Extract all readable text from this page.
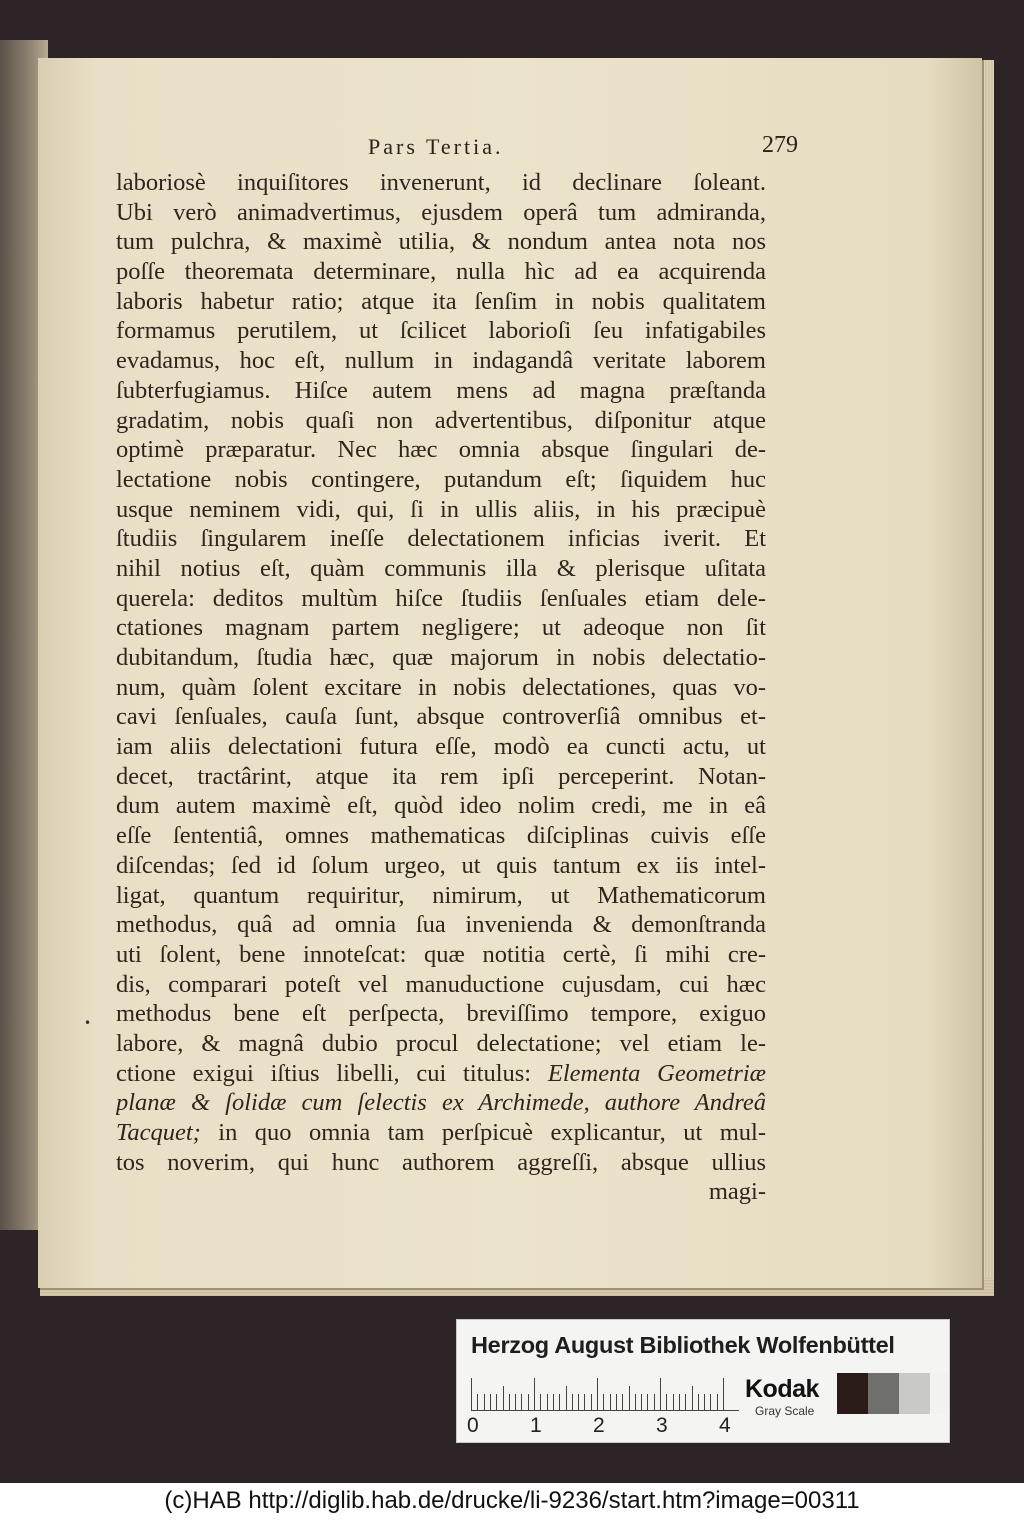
Pars Tertia.	279
laboriosè inquiſitores invenerunt, id declinare ſoleant.
Ubi verò animadvertimus, ejusdem operâ tum admiranda,
tum pulchra, & maximè utilia, & nondum antea nota nos
poſſe theoremata determinare, nulla hìc ad ea acquirenda
laboris habetur ratio; atque ita ſenſim in nobis qualitatem
formamus perutilem, ut ſcilicet laborioſi ſeu infatigabiles
evadamus, hoc eſt, nullum in indagandâ veritate laborem
ſubterfugiamus. Hiſce autem mens ad magna præſtanda
gradatim, nobis quaſi non advertentibus, diſponitur atque
optimè præparatur. Nec hæc omnia absque ſingulari de-
lectatione nobis contingere, putandum eſt; ſiquidem huc
usque neminem vidi, qui, ſi in ullis aliis, in his præcipuè
ſtudiis ſingularem ineſſe delectationem inficias iverit. Et
nihil notius eſt, quàm communis illa & plerisque uſitata
querela: deditos multùm hiſce ſtudiis ſenſuales etiam dele-
ctationes magnam partem negligere; ut adeoque non ſit
dubitandum, ſtudia hæc, quæ majorum in nobis delectatio-
num, quàm ſolent excitare in nobis delectationes, quas vo-
cavi ſenſuales, cauſa ſunt, absque controverſiâ omnibus et-
iam aliis delectationi futura eſſe, modò ea cuncti actu, ut
decet, tractârint, atque ita rem ipſi perceperint. Notan-
dum autem maximè eſt, quòd ideo nolim credi, me in eâ
eſſe ſententiâ, omnes mathematicas diſciplinas cuivis eſſe
diſcendas; ſed id ſolum urgeo, ut quis tantum ex iis intel-
ligat, quantum requiritur, nimirum, ut Mathematicorum
methodus, quâ ad omnia ſua invenienda & demonſtranda
uti ſolent, bene innoteſcat: quæ notitia certè, ſi mihi cre-
dis, comparari poteſt vel manuductione cujusdam, cui hæc
methodus bene eſt perſpecta, breviſſimo tempore, exiguo
labore, & magnâ dubio procul delectatione; vel etiam le-
ctione exigui iſtius libelli, cui titulus: Elementa Geometriæ
planæ & ſolidæ cum ſelectis ex Archimede, authore Andreâ
Tacquet; in quo omnia tam perſpicuè explicantur, ut mul-
tos noverim, qui hunc authorem aggreſſi, absque ullius
magi-
•
Herzog August Bibliothek Wolfenbüttel
0 1 2 3 4
Kodak
Gray Scale
(c)HAB http://diglib.hab.de/drucke/li-9236/start.htm?image=00311
